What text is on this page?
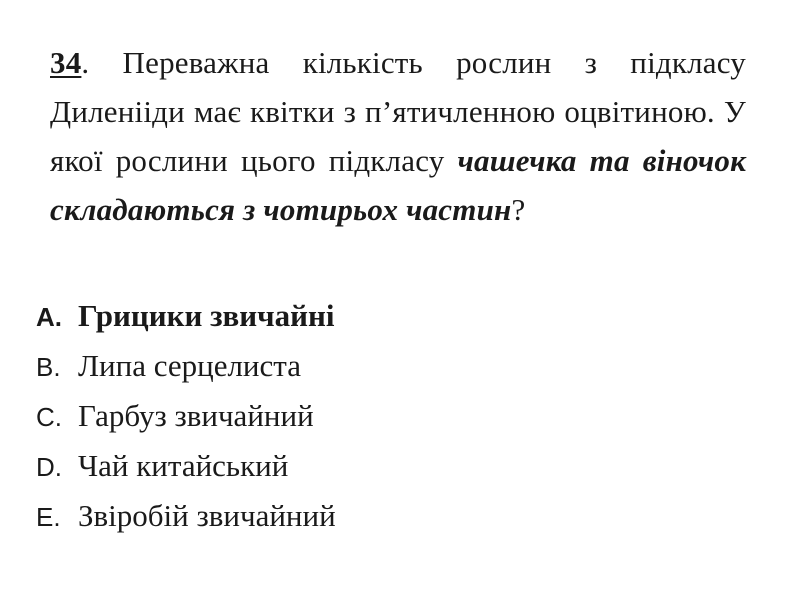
34. Переважна кількість рослин з підкласу Диленііди має квітки з п’ятичленною оцвітиною. У якої рослини цього підкласу чашечка та віночок складаються з чотирьох частин?

A. Грицики звичайні
B. Липа серцелиста
C. Гарбуз звичайний
D. Чай китайський
E. Звіробій звичайний
